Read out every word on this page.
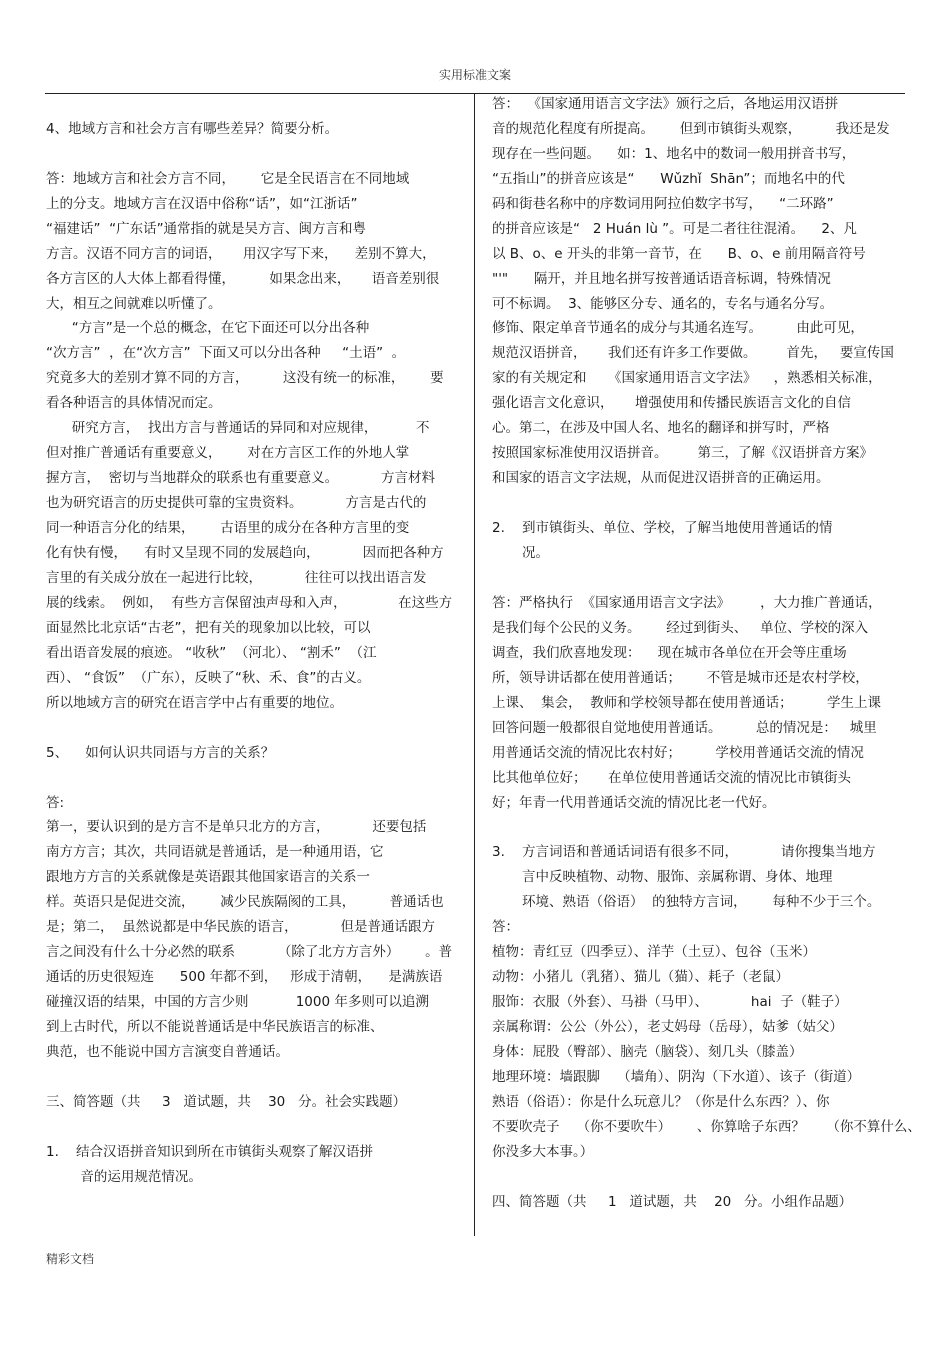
实用标准文案

4、地域方言和社会方言有哪些差异？简要分析。

答：地域方言和社会方言不同，      它是全民语言在不同地域

上的分支。地域方言在汉语中俗称“话”，如“江浙话”

“福建话”  “广东话”通常指的就是吴方言、闽方言和粤

方言。汉语不同方言的词语，     用汉字写下来，    差别不算大，

各方言区的人大体上都看得懂，        如果念出来，     语音差别很

大，相互之间就难以听懂了。

“方言”是一个总的概念，在它下面还可以分出各种

“次方言”  ，在“次方言”  下面又可以分出各种     “土语”  。

究竟多大的差别才算不同的方言，        这没有统一的标准，      要

看各种语言的具体情况而定。

研究方言，  找出方言与普通话的异同和对应规律，         不

但对推广普通话有重要意义，      对在方言区工作的外地人掌

握方言，  密切与当地群众的联系也有重要意义。          方言材料

也为研究语言的历史提供可靠的宝贵资料。          方言是古代的

同一种语言分化的结果，      古语里的成分在各种方言里的变

化有快有慢，    有时又呈现不同的发展趋向，          因而把各种方

言里的有关成分放在一起进行比较，          往往可以找出语言发

展的线索。  例如，  有些方言保留浊声母和入声，            在这些方

面显然比北京话“古老”，把有关的现象加以比较，可以

看出语音发展的痕迹。 “收秋”  （河北）、 “割禾”  （江

西）、 “食饭”  （广东），反映了“秋、禾、食”的古义。

所以地域方言的研究在语言学中占有重要的地位。

5、    如何认识共同语与方言的关系？

答:

第一，要认识到的是方言不是单只北方的方言，          还要包括

南方方言；其次，共同语就是普通话，是一种通用语，它

跟地方方言的关系就像是英语跟其他国家语言的关系一

样。英语只是促进交流，      减少民族隔阂的工具，        普通话也

是；第二，  虽然说都是中华民族的语言，          但是普通话跟方

言之间没有什么十分必然的联系          （除了北方方言外）      。普

通话的历史很短连      500 年都不到，   形成于清朝，    是满族语

碰撞汉语的结果，中国的方言少则           1000 年多则可以追溯

到上古时代，所以不能说普通话是中华民族语言的标准、

典范，也不能说中国方言演变自普通话。

三、简答题（共     3   道试题，共    30   分。社会实践题）

1.    结合汉语拼音知识到所在市镇街头观察了解汉语拼

音的运用规范情况。

答：  《国家通用语言文字法》颁行之后，各地运用汉语拼

音的规范化程度有所提高。      但到市镇街头观察，        我还是发

现存在一些问题。    如：1、地名中的数词一般用拼音书写，

“五指山”的拼音应该是“      Wǔzhǐ  Shān”；而地名中的代

码和街巷名称中的序数词用阿拉伯数字书写，    “二环路”

的拼音应该是“   2 Huán lù ”。可是二者往往混淆。    2、凡

以 B、o、e 开头的非第一音节，在      B、o、e 前用隔音符号

"'"      隔开，并且地名拼写按普通话语音标调，特殊情况

可不标调。  3、能够区分专、通名的，专名与通名分写。

修饰、限定单音节通名的成分与其通名连写。        由此可见，

规范汉语拼音，     我们还有许多工作要做。       首先，   要宣传国

家的有关规定和     《国家通用语言文字法》    ，熟悉相关标准，

强化语言文化意识，     增强使用和传播民族语言文化的自信

心。第二，在涉及中国人名、地名的翻译和拼写时，严格

按照国家标准使用汉语拼音。       第三，了解《汉语拼音方案》

和国家的语言文字法规，从而促进汉语拼音的正确运用。

2.    到市镇街头、单位、学校，了解当地使用普通话的情

况。

答：严格执行  《国家通用语言文字法》       ，大力推广普通话，

是我们每个公民的义务。      经过到街头、   单位、学校的深入

调查，我们欣喜地发现：    现在城市各单位在开会等庄重场

所，领导讲话都在使用普通话；      不管是城市还是农村学校，

上课、  集会，  教师和学校领导都在使用普通话；        学生上课

回答问题一般都很自觉地使用普通话。        总的情况是：   城里

用普通话交流的情况比农村好；        学校用普通话交流的情况

比其他单位好；     在单位使用普通话交流的情况比市镇街头

好；年青一代用普通话交流的情况比老一代好。

3.    方言词语和普通话词语有很多不同，          请你搜集当地方

言中反映植物、动物、服饰、亲属称谓、身体、地理

环境、熟语（俗语）  的独特方言词，      每种不少于三个。

答：

植物：青红豆（四季豆）、洋芋（土豆）、包谷（玉米）

动物：小猪儿（乳猪）、猫儿（猫）、耗子（老鼠）

服饰：衣服（外套）、马褂（马甲）、          hai  子（鞋子）

亲属称谓：公公（外公），老丈妈母（岳母），姑爹（姑父）

身体：屁股（臀部）、脑壳（脑袋）、刻几头（膝盖）

地理环境：墙跟脚    （墙角）、阴沟（下水道）、该子（街道）

熟语（俗语）：你是什么玩意儿？（你是什么东西？）、你

不要吹壳子    （你不要吹牛）      、你算啥子东西？     （你不算什么、

你没多大本事。）

四、简答题（共     1   道试题，共    20   分。小组作品题）

精彩文档
